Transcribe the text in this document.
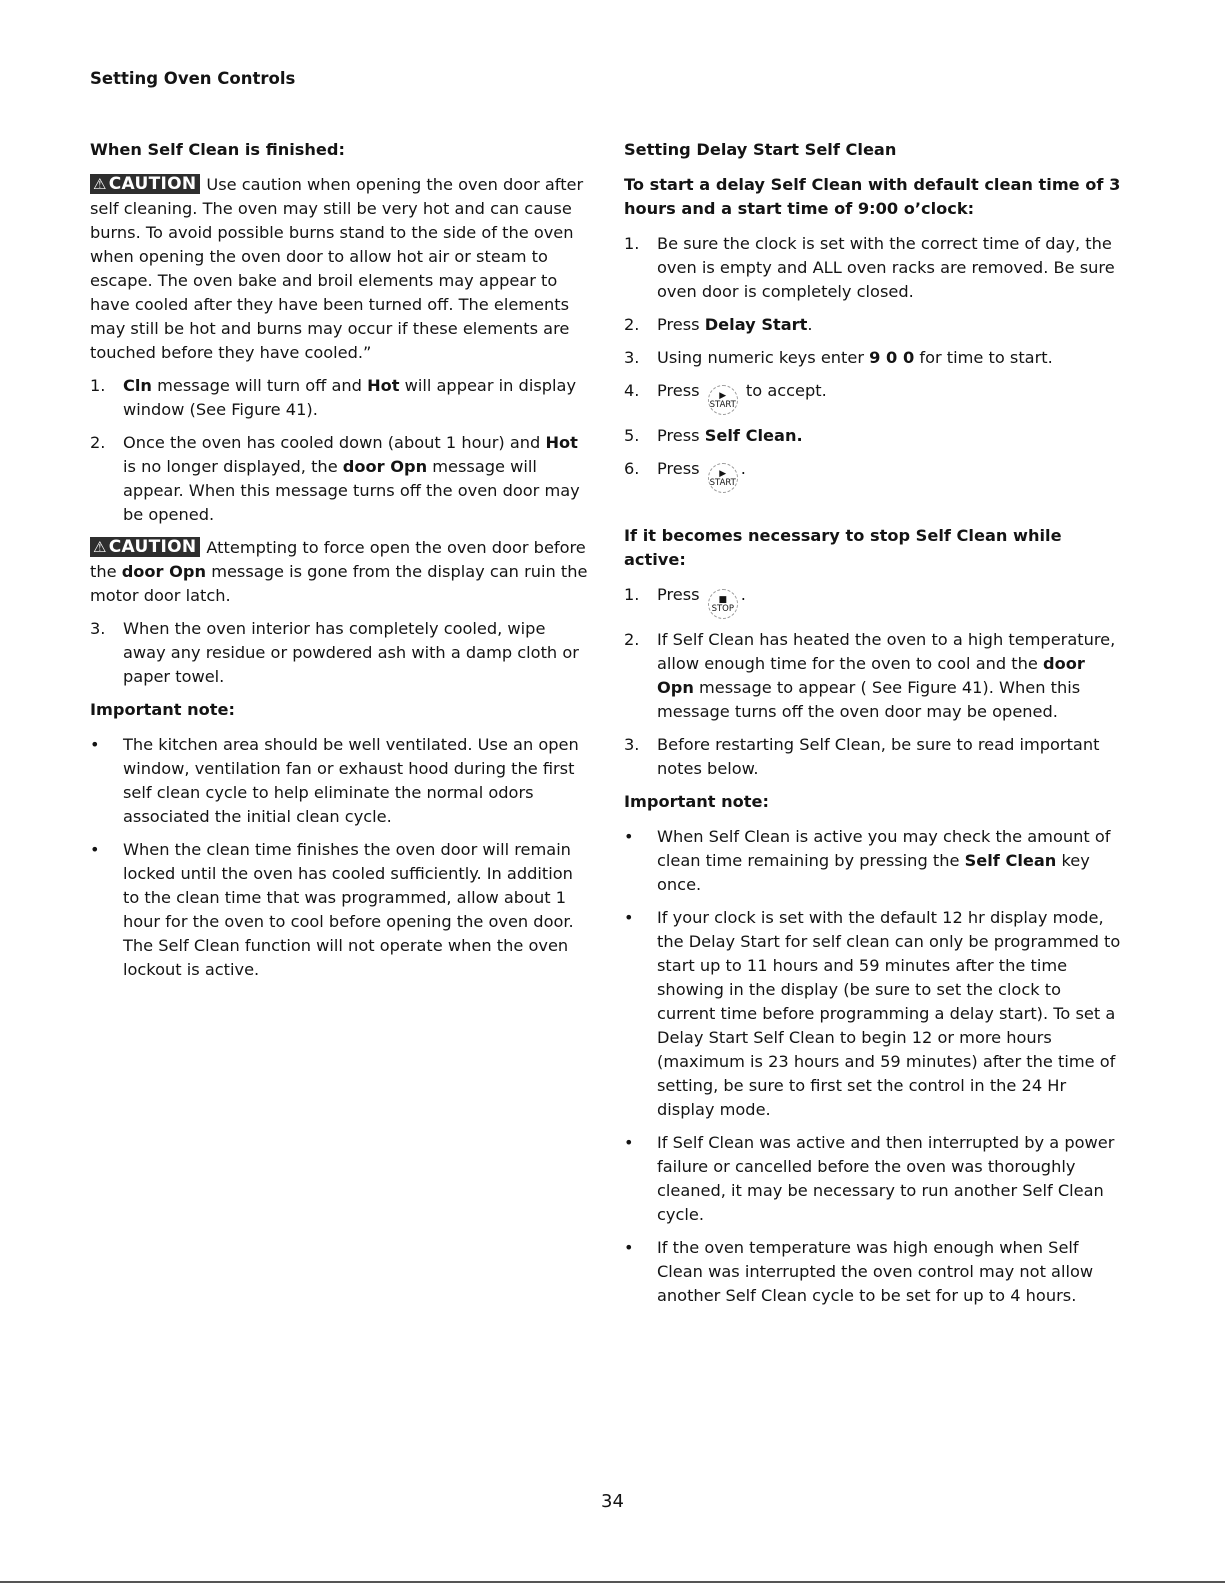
Setting Oven Controls
When Self Clean is finished:
⚠ CAUTION Use caution when opening the oven door after self cleaning. The oven may still be very hot and can cause burns. To avoid possible burns stand to the side of the oven when opening the oven door to allow hot air or steam to escape. The oven bake and broil elements may appear to have cooled after they have been turned off. The elements may still be hot and burns may occur if these elements are touched before they have cooled.”
1. Cln message will turn off and Hot will appear in display window (See Figure 41).
2. Once the oven has cooled down (about 1 hour) and Hot is no longer displayed, the door Opn message will appear. When this message turns off the oven door may be opened.
⚠ CAUTION Attempting to force open the oven door before the door Opn message is gone from the display can ruin the motor door latch.
3. When the oven interior has completely cooled, wipe away any residue or powdered ash with a damp cloth or paper towel.
Important note:
• The kitchen area should be well ventilated. Use an open window, ventilation fan or exhaust hood during the first self clean cycle to help eliminate the normal odors associated the initial clean cycle.
• When the clean time finishes the oven door will remain locked until the oven has cooled sufficiently. In addition to the clean time that was programmed, allow about 1 hour for the oven to cool before opening the oven door. The Self Clean function will not operate when the oven lockout is active.
Setting Delay Start Self Clean
To start a delay Self Clean with default clean time of 3 hours and a start time of 9:00 o’clock:
1. Be sure the clock is set with the correct time of day, the oven is empty and ALL oven racks are removed. Be sure oven door is completely closed.
2. Press Delay Start.
3. Using numeric keys enter 9 0 0 for time to start.
4. Press	▶
START to accept.
5. Press Self Clean.
6. Press	▶
START.
If it becomes necessary to stop Self Clean while active:
1. Press	■
STOP.
2. If Self Clean has heated the oven to a high temperature, allow enough time for the oven to cool and the door Opn message to appear ( See Figure 41). When this message turns off the oven door may be opened.
3. Before restarting Self Clean, be sure to read important notes below.
Important note:
• When Self Clean is active you may check the amount of clean time remaining by pressing the Self Clean key once.
• If your clock is set with the default 12 hr display mode, the Delay Start for self clean can only be programmed to start up to 11 hours and 59 minutes after the time showing in the display (be sure to set the clock to current time before programming a delay start). To set a Delay Start Self Clean to begin 12 or more hours (maximum is 23 hours and 59 minutes) after the time of setting, be sure to first set the control in the 24 Hr display mode.
• If Self Clean was active and then interrupted by a power failure or cancelled before the oven was thoroughly cleaned, it may be necessary to run another Self Clean cycle.
• If the oven temperature was high enough when Self Clean was interrupted the oven control may not allow another Self Clean cycle to be set for up to 4 hours.
34
